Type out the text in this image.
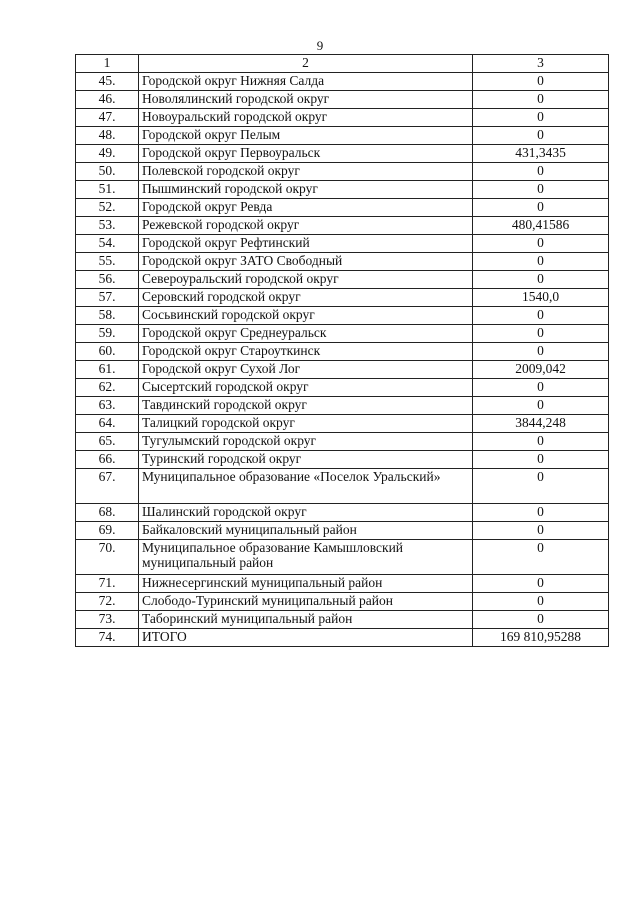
9
1	2	3
45.	Городской округ Нижняя Салда	0
46.	Новолялинский городской округ	0
47.	Новоуральский городской округ	0
48.	Городской округ Пелым	0
49.	Городской округ Первоуральск	431,3435
50.	Полевской городской округ	0
51.	Пышминский городской округ	0
52.	Городской округ Ревда	0
53.	Режевской городской округ	480,41586
54.	Городской округ Рефтинский	0
55.	Городской округ ЗАТО Свободный	0
56.	Североуральский городской округ	0
57.	Серовский городской округ	1540,0
58.	Сосьвинский городской округ	0
59.	Городской округ Среднеуральск	0
60.	Городской округ Староуткинск	0
61.	Городской округ Сухой Лог	2009,042
62.	Сысертский городской округ	0
63.	Тавдинский городской округ	0
64.	Талицкий городской округ	3844,248
65.	Тугулымский городской округ	0
66.	Туринский городской округ	0
67.	Муниципальное образование «Поселок Уральский»	0
68.	Шалинский городской округ	0
69.	Байкаловский муниципальный район	0
70.	Муниципальное образование Камышловский муниципальный район	0
71.	Нижнесергинский муниципальный район	0
72.	Слободо-Туринский муниципальный район	0
73.	Таборинский муниципальный район	0
74.	ИТОГО	169 810,95288
